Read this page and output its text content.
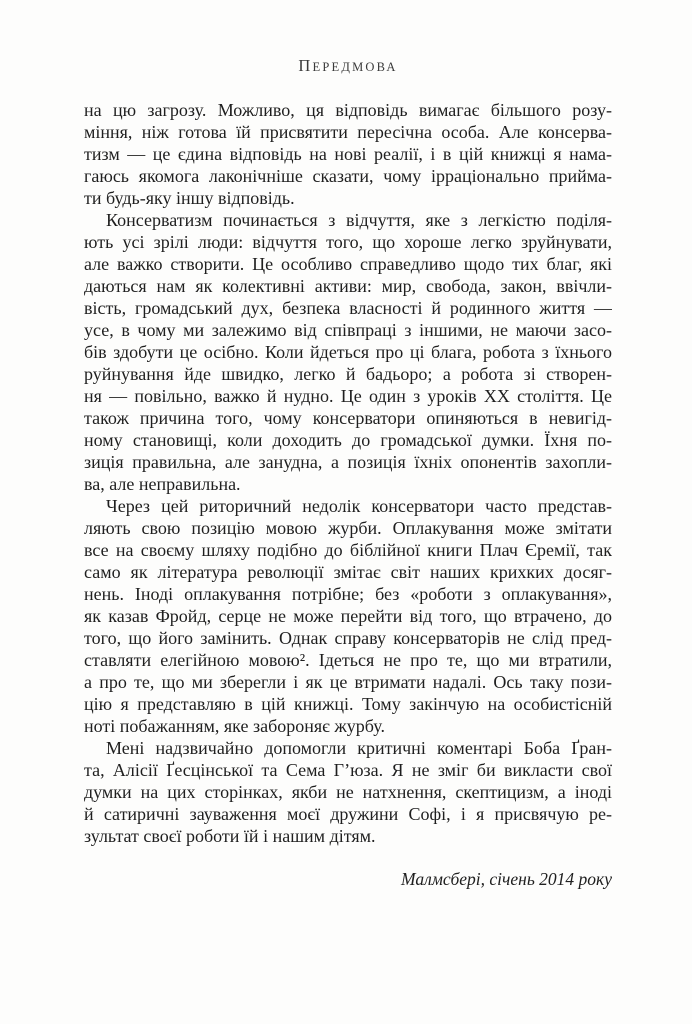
ПЕРЕДМОВА

на цю загрозу. Можливо, ця відповідь вимагає більшого розу-
міння, ніж готова їй присвятити пересічна особа. Але консерва-
тизм — це єдина відповідь на нові реалії, і в цій книжці я нама-
гаюсь якомога лаконічніше сказати, чому ірраціонально прийма-
ти будь-яку іншу відповідь.

Консерватизм починається з відчуття, яке з легкістю поділя-
ють усі зрілі люди: відчуття того, що хороше легко зруйнувати,
але важко створити. Це особливо справедливо щодо тих благ, які
даються нам як колективні активи: мир, свобода, закон, ввічли-
вість, громадський дух, безпека власності й родинного життя —
усе, в чому ми залежимо від співпраці з іншими, не маючи засо-
бів здобути це осібно. Коли йдеться про ці блага, робота з їхнього
руйнування йде швидко, легко й бадьоро; а робота зі створен-
ня — повільно, важко й нудно. Це один з уроків XX століття. Це
також причина того, чому консерватори опиняються в невигід-
ному становищі, коли доходить до громадської думки. Їхня по-
зиція правильна, але занудна, а позиція їхніх опонентів захопли-
ва, але неправильна.

Через цей риторичний недолік консерватори часто представ-
ляють свою позицію мовою журби. Оплакування може змітати
все на своєму шляху подібно до біблійної книги Плач Єремії, так
само як література революції змітає світ наших крихких досяг-
нень. Іноді оплакування потрібне; без «роботи з оплакування»,
як казав Фройд, серце не може перейти від того, що втрачено, до
того, що його замінить. Однак справу консерваторів не слід пред-
ставляти елегійною мовою². Ідеться не про те, що ми втратили,
а про те, що ми зберегли і як це втримати надалі. Ось таку пози-
цію я представляю в цій книжці. Тому закінчую на особистісній
ноті побажанням, яке забороняє журбу.

Мені надзвичайно допомогли критичні коментарі Боба Ґран-
та, Алісії Ґесцінської та Сема Г’юза. Я не зміг би викласти свої
думки на цих сторінках, якби не натхнення, скептицизм, а іноді
й сатиричні зауваження моєї дружини Софі, і я присвячую ре-
зультат своєї роботи їй і нашим дітям.

Малмсбері, січень 2014 року
